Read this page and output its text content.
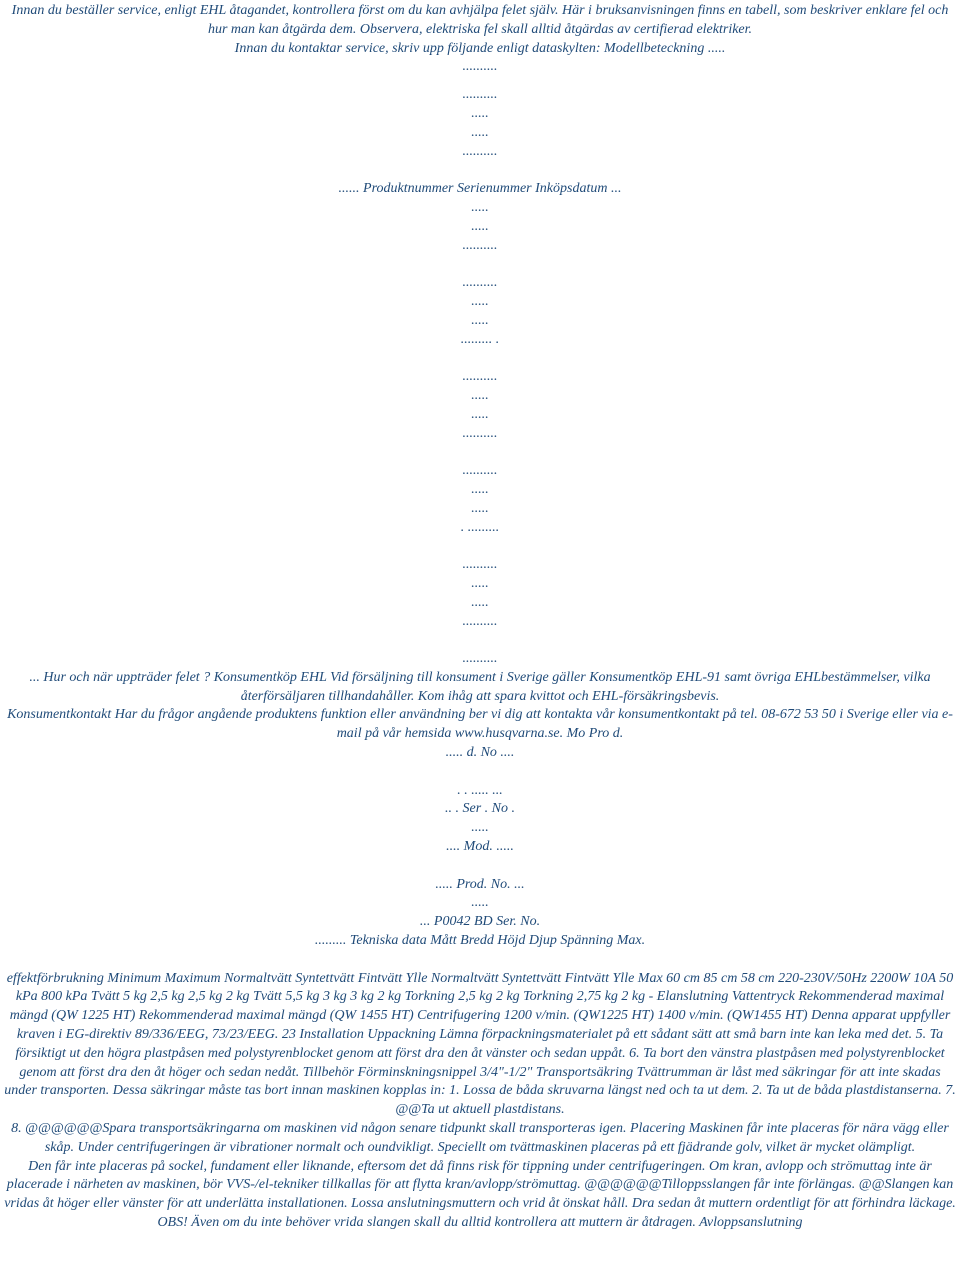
Innan du beställer service, enligt EHL åtagandet, kontrollera först om du kan avhjälpa felet själv. Här i bruksanvisningen finns en tabell, som beskriver enklare fel och hur man kan åtgärda dem. Observera, elektriska fel skall alltid åtgärdas av certifierad elektriker.

Innan du kontaktar service, skriv upp följande enligt dataskylten: Modellbeteckning .....

..........
..........
.....
.....
..........

...... Produktnummer Serienummer Inköpsdatum ...

.....
.....
..........
..........
.....
.....
......... .
..........
.....
.....
..........
..........
.....
.....
. .........
..........
.....
.....
..........
..........

... Hur och när uppträder felet ? Konsumentköp EHL Vid försäljning till konsument i Sverige gäller Konsumentköp EHL-91 samt övriga EHLbestämmelser, vilka återförsäljaren tillhandahåller. Kom ihåg att spara kvittot och EHL-försäkringsbevis.

Konsumentkontakt Har du frågor angående produktens funktion eller användning ber vi dig att kontakta vår konsumentkontakt på tel. 08-672 53 50 i Sverige eller via e-mail på vår hemsida www.husqvarna.se. Mo Pro d.

..... d. No ....
. . ..... ...
.. . Ser . No .
.....
.... Mod. .....
..... Prod. No. ...
.....
... P0042 BD Ser. No.
......... Tekniska data Mått Bredd Höjd Djup Spänning Max.

effektförbrukning Minimum Maximum Normaltvätt Syntettvätt Fintvätt Ylle Normaltvätt Syntettvätt Fintvätt Ylle Max 60 cm 85 cm 58 cm 220-230V/50Hz 2200W 10A 50 kPa 800 kPa Tvätt 5 kg 2,5 kg 2,5 kg 2 kg Tvätt 5,5 kg 3 kg 3 kg 2 kg Torkning 2,5 kg 2 kg Torkning 2,75 kg 2 kg - Elanslutning Vattentryck Rekommenderad maximal mängd (QW 1225 HT) Rekommenderad maximal mängd (QW 1455 HT) Centrifugering 1200 v/min. (QW1225 HT) 1400 v/min. (QW1455 HT) Denna apparat uppfyller kraven i EG-direktiv 89/336/EEG, 73/23/EEG. 23 Installation Uppackning Lämna förpackningsmaterialet på ett sådant sätt att små barn inte kan leka med det. 5. Ta försiktigt ut den högra plastpåsen med polystyrenblocket genom att först dra den åt vänster och sedan uppåt. 6. Ta bort den vänstra plastpåsen med polystyrenblocket genom att först dra den åt höger och sedan nedåt. Tillbehör Förminskningsnippel 3/4"-1/2" Transportsäkring Tvättrumman är låst med säkringar för att inte skadas under transporten. Dessa säkringar måste tas bort innan maskinen kopplas in: 1. Lossa de båda skruvarna längst ned och ta ut dem. 2. Ta ut de båda plastdistanserna. 7. @@Ta ut aktuell plastdistans.

8. @@@@@@Spara transportsäkringarna om maskinen vid någon senare tidpunkt skall transporteras igen. Placering Maskinen får inte placeras för nära vägg eller skåp. Under centrifugeringen är vibrationer normalt och oundvikligt. Speciellt om tvättmaskinen placeras på ett fjädrande golv, vilket är mycket olämpligt.

Den får inte placeras på sockel, fundament eller liknande, eftersom det då finns risk för tippning under centrifugeringen. Om kran, avlopp och strömuttag inte är placerade i närheten av maskinen, bör VVS-/el-tekniker tillkallas för att flytta kran/avlopp/strömuttag. @@@@@@Tilloppsslangen får inte förlängas. @@Slangen kan vridas åt höger eller vänster för att underlätta installationen. Lossa anslutningsmuttern och vrid åt önskat håll. Dra sedan åt muttern ordentligt för att förhindra läckage. OBS! Även om du inte behöver vrida slangen skall du alltid kontrollera att muttern är åtdragen. Avloppsanslutning
